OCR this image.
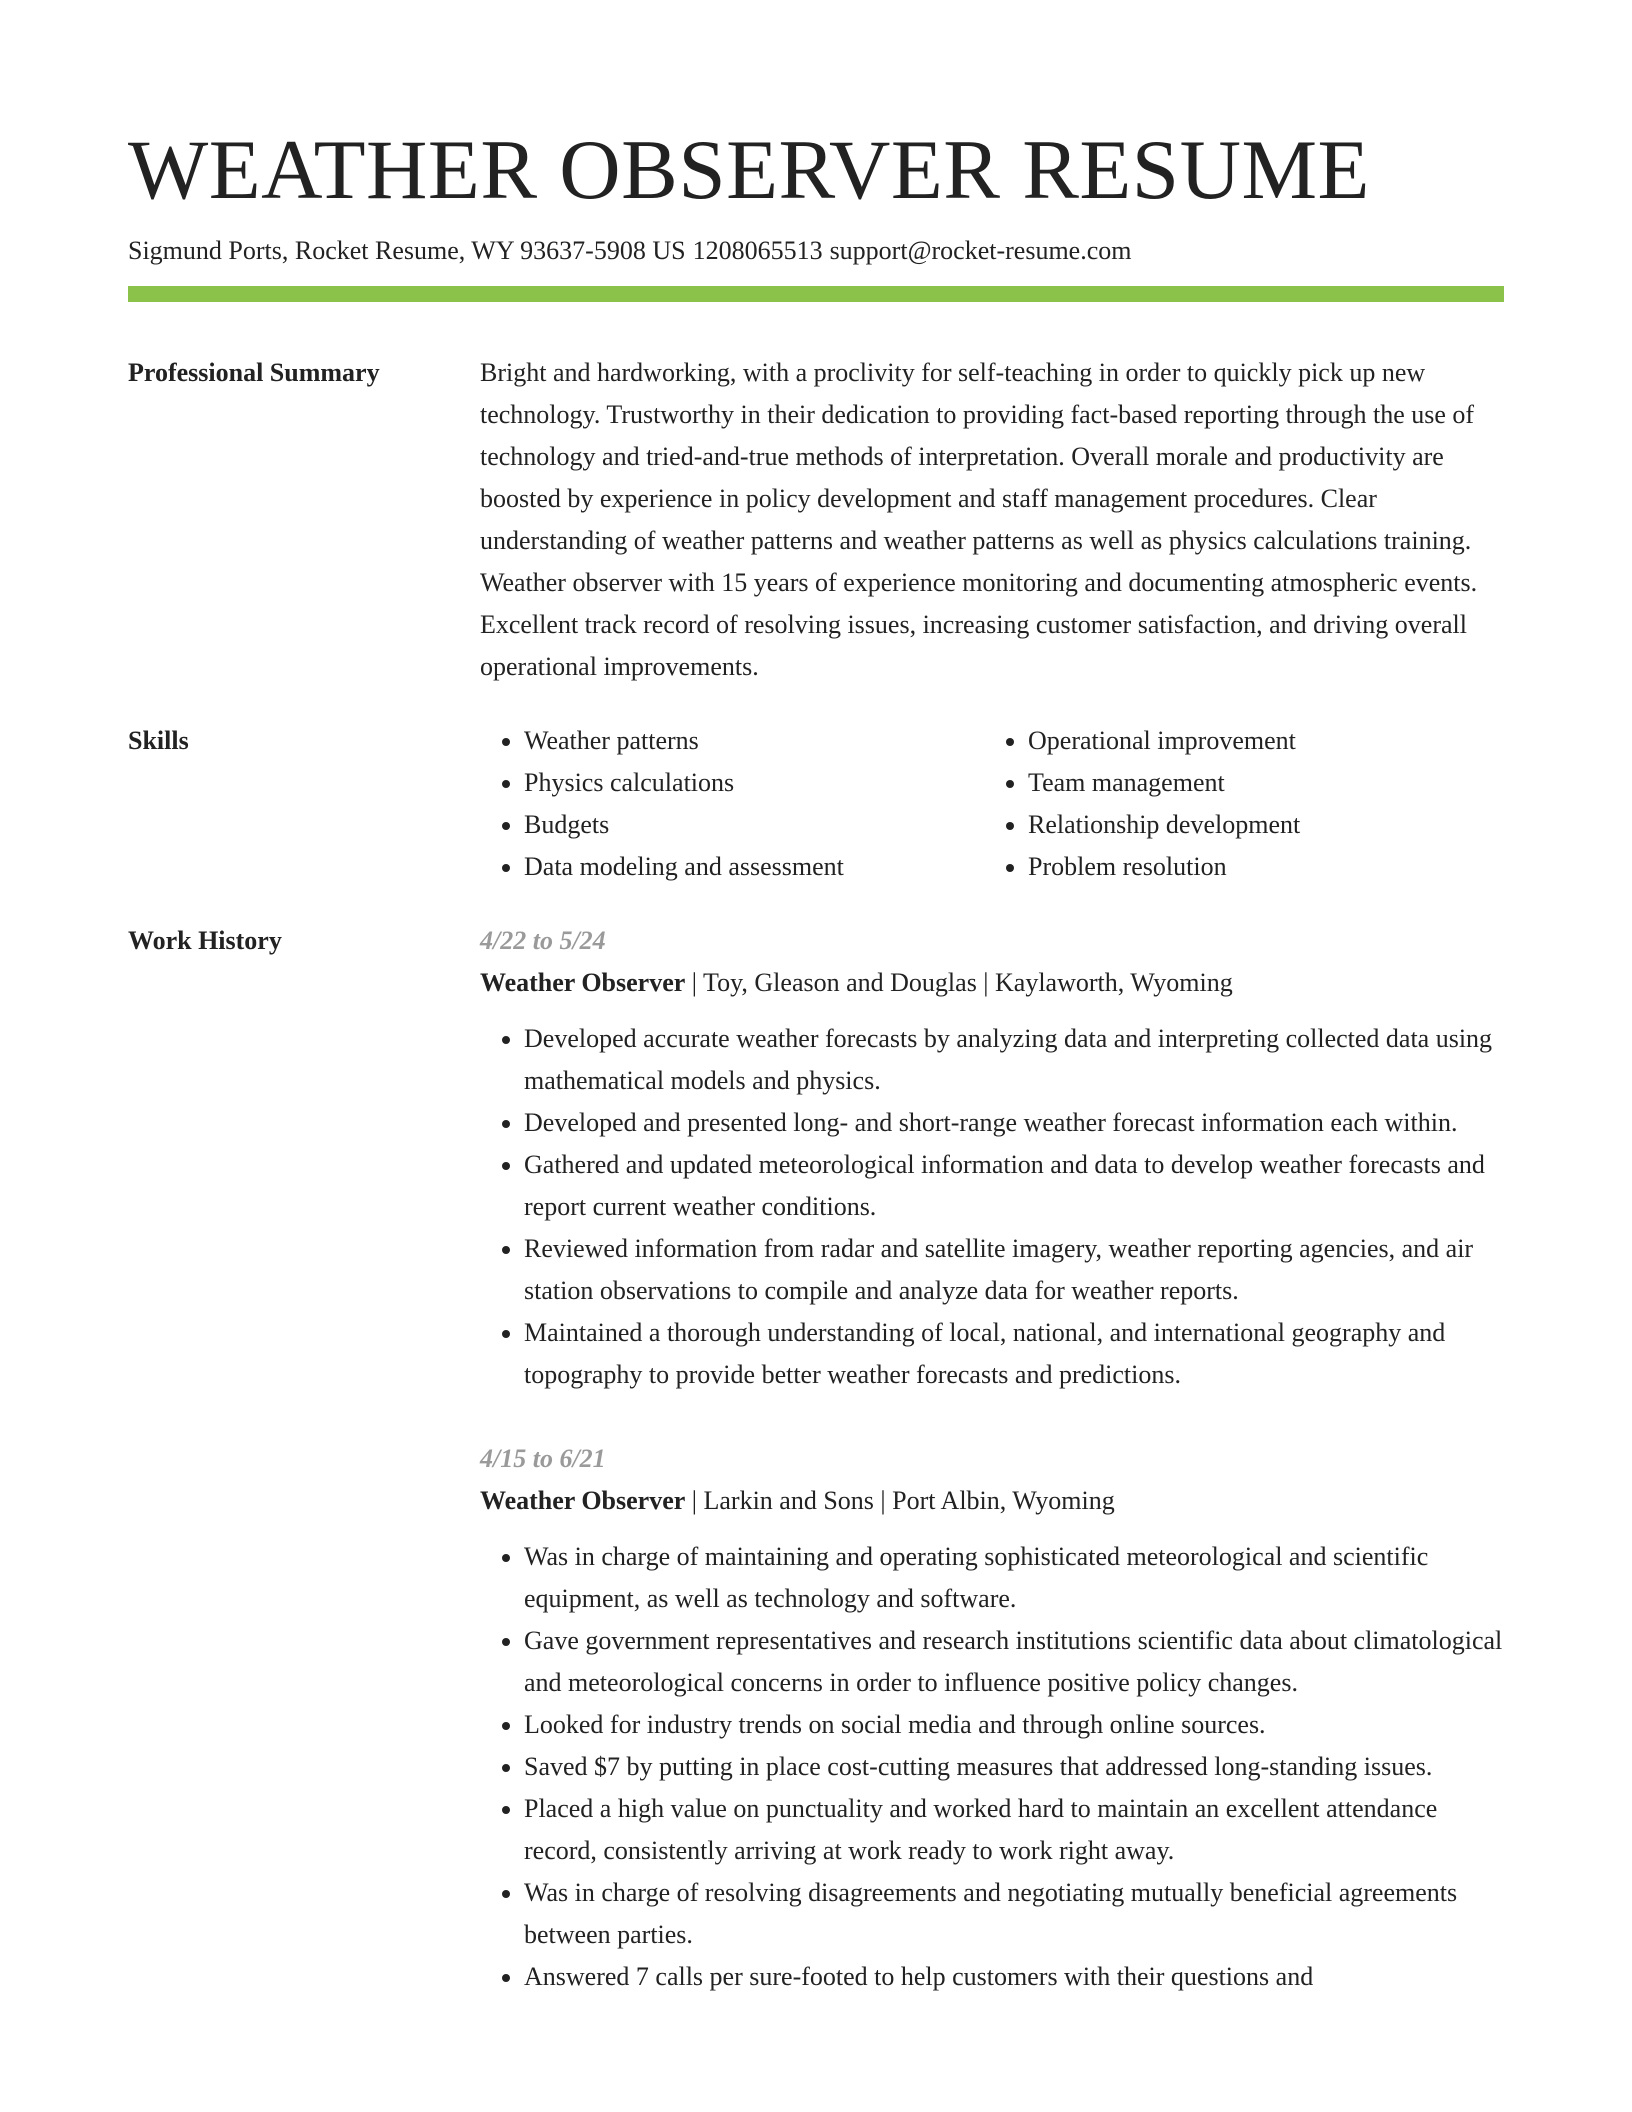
WEATHER OBSERVER RESUME
Sigmund Ports, Rocket Resume, WY 93637-5908 US 1208065513 support@rocket-resume.com
Professional Summary	Bright and hardworking, with a proclivity for self-teaching in order to quickly pick up new technology. Trustworthy in their dedication to providing fact-based reporting through the use of technology and tried-and-true methods of interpretation. Overall morale and productivity are boosted by experience in policy development and staff management procedures. Clear understanding of weather patterns and weather patterns as well as physics calculations training. Weather observer with 15 years of experience monitoring and documenting atmospheric events. Excellent track record of resolving issues, increasing customer satisfaction, and driving overall operational improvements.
Skills
•	Weather patterns
• Physics calculations
• Budgets
• Data modeling and assessment
• Operational improvement
• Team management
• Relationship development
• Problem resolution
Work History	4/22 to 5/24
Weather Observer | Toy, Gleason and Douglas | Kaylaworth, Wyoming
• Developed accurate weather forecasts by analyzing data and interpreting collected data using mathematical models and physics.
• Developed and presented long- and short-range weather forecast information each within.
• Gathered and updated meteorological information and data to develop weather forecasts and report current weather conditions.
• Reviewed information from radar and satellite imagery, weather reporting agencies, and air station observations to compile and analyze data for weather reports.
• Maintained a thorough understanding of local, national, and international geography and topography to provide better weather forecasts and predictions.
4/15 to 6/21
Weather Observer | Larkin and Sons | Port Albin, Wyoming
• Was in charge of maintaining and operating sophisticated meteorological and scientific equipment, as well as technology and software.
• Gave government representatives and research institutions scientific data about climatological and meteorological concerns in order to influence positive policy changes.
• Looked for industry trends on social media and through online sources.
• Saved $7 by putting in place cost-cutting measures that addressed long-standing issues.
• Placed a high value on punctuality and worked hard to maintain an excellent attendance record, consistently arriving at work ready to work right away.
• Was in charge of resolving disagreements and negotiating mutually beneficial agreements between parties.
• Answered 7 calls per sure-footed to help customers with their questions and
